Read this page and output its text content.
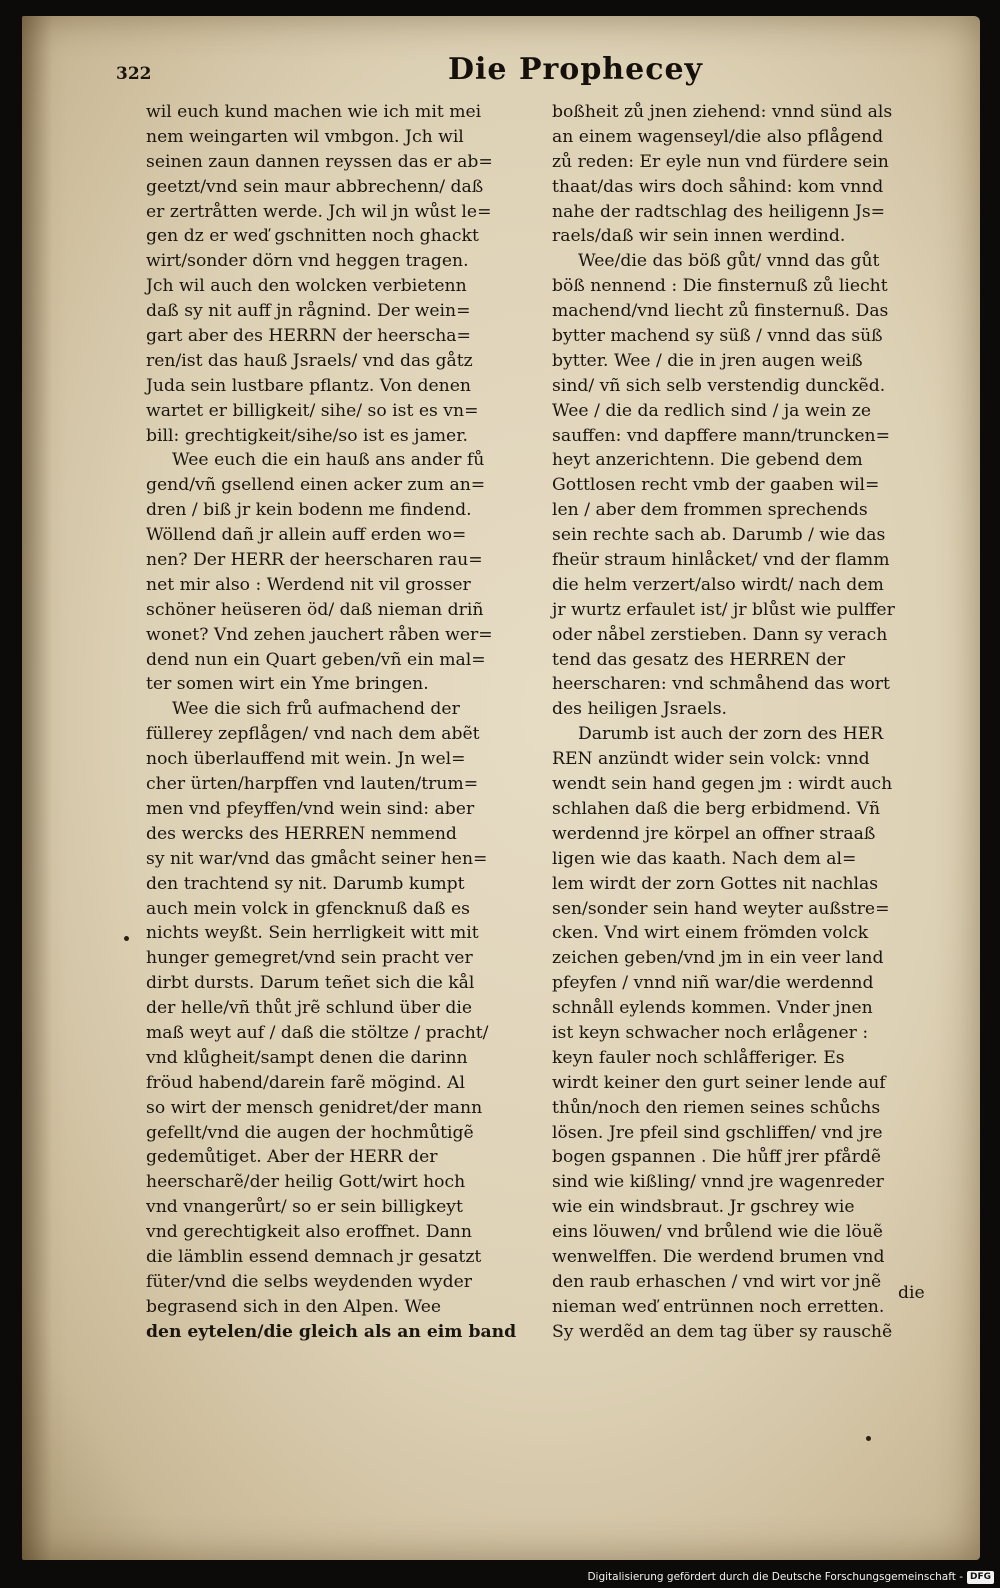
322	Die Prophecey
wil euch kund machen wie ich mit mei
nem weingarten wil vmbgon. Jch wil
seinen zaun dannen reyssen das er ab=
geetzt/vnd sein maur abbrechenn/ daß
er zertråtten werde. Jch wil jn wůst le=
gen dz er weď gschnitten noch ghackt
wirt/sonder dörn vnd heggen tragen.
Jch wil auch den wolcken verbietenn
daß sy nit auff jn rågnind. Der wein=
gart aber des HERRN der heerscha=
ren/ist das hauß Jsraels/ vnd das gåtz
Juda sein lustbare pflantz. Von denen
wartet er billigkeit/ sihe/ so ist es vn=
bill: grechtigkeit/sihe/so ist es jamer.
Wee euch die ein hauß ans ander fů
gend/vñ gsellend einen acker zum an=
dren / biß jr kein bodenn me findend.
Wöllend dañ jr allein auff erden wo=
nen? Der HERR der heerscharen rau=
net mir also : Werdend nit vil grosser
schöner heüseren öd/ daß nieman driñ
wonet? Vnd zehen jauchert råben wer=
dend nun ein Quart geben/vñ ein mal=
ter somen wirt ein Yme bringen.
Wee die sich frů aufmachend der
füllerey zepflågen/ vnd nach dem abẽt
noch überlauffend mit wein. Jn wel=
cher ürten/harpffen vnd lauten/trum=
men vnd pfeyffen/vnd wein sind: aber
des wercks des HERREN nemmend
sy nit war/vnd das gmåcht seiner hen=
den trachtend sy nit. Darumb kumpt
auch mein volck in gfencknuß daß es
nichts weyßt. Sein herrligkeit witt mit
hunger gemegret/vnd sein pracht ver
dirbt dursts. Darum teñet sich die kål
der helle/vñ thůt jrẽ schlund über die
maß weyt auf / daß die stöltze / pracht/
vnd klůgheit/sampt denen die darinn
fröud habend/darein farẽ mögind. Al
so wirt der mensch genidret/der mann
gefellt/vnd die augen der hochmůtigẽ
gedemůtiget. Aber der HERR der
heerscharẽ/der heilig Gott/wirt hoch
vnd vnangerůrt/ so er sein billigkeyt
vnd gerechtigkeit also eroffnet. Dann
die lämblin essend demnach jr gesatzt
füter/vnd die selbs weydenden wyder
begrasend sich in den Alpen. Wee
den eytelen/die gleich als an eim band
boßheit zů jnen ziehend: vnnd sünd als
an einem wagenseyl/die also pflågend
zů reden: Er eyle nun vnd fürdere sein
thaat/das wirs doch såhind: kom vnnd
nahe der radtschlag des heiligenn Js=
raels/daß wir sein innen werdind.
Wee/die das böß gůt/ vnnd das gůt
böß nennend : Die finsternuß zů liecht
machend/vnd liecht zů finsternuß. Das
bytter machend sy süß / vnnd das süß
bytter. Wee / die in jren augen weiß
sind/ vñ sich selb verstendig dunckẽd.
Wee / die da redlich sind / ja wein ze
sauffen: vnd dapffere mann/truncken=
heyt anzerichtenn. Die gebend dem
Gottlosen recht vmb der gaaben wil=
len / aber dem frommen sprechends
sein rechte sach ab. Darumb / wie das
fheür straum hinlåcket/ vnd der flamm
die helm verzert/also wirdt/ nach dem
jr wurtz erfaulet ist/ jr blůst wie pulffer
oder nåbel zerstieben. Dann sy verach
tend das gesatz des HERREN der
heerscharen: vnd schmåhend das wort
des heiligen Jsraels.
Darumb ist auch der zorn des HER
REN anzündt wider sein volck: vnnd
wendt sein hand gegen jm : wirdt auch
schlahen daß die berg erbidmend. Vñ
werdennd jre körpel an offner straaß
ligen wie das kaath. Nach dem al=
lem wirdt der zorn Gottes nit nachlas
sen/sonder sein hand weyter außstre=
cken. Vnd wirt einem frömden volck
zeichen geben/vnd jm in ein veer land
pfeyfen / vnnd niñ war/die werdennd
schnåll eylends kommen. Vnder jnen
ist keyn schwacher noch erlågener :
keyn fauler noch schlåfferiger. Es
wirdt keiner den gurt seiner lende auf
thůn/noch den riemen seines schůchs
lösen. Jre pfeil sind gschliffen/ vnd jre
bogen gspannen . Die hůff jrer pfårdẽ
sind wie kißling/ vnnd jre wagenreder
wie ein windsbraut. Jr gschrey wie
eins löuwen/ vnd brůlend wie die löuẽ
wenwelffen. Die werdend brumen vnd
den raub erhaschen / vnd wirt vor jnẽ
nieman weď entrünnen noch erretten.
Sy werdẽd an dem tag über sy rauschẽ
die
Digitalisierung gefördert durch die Deutsche Forschungsgemeinschaft - DFG
